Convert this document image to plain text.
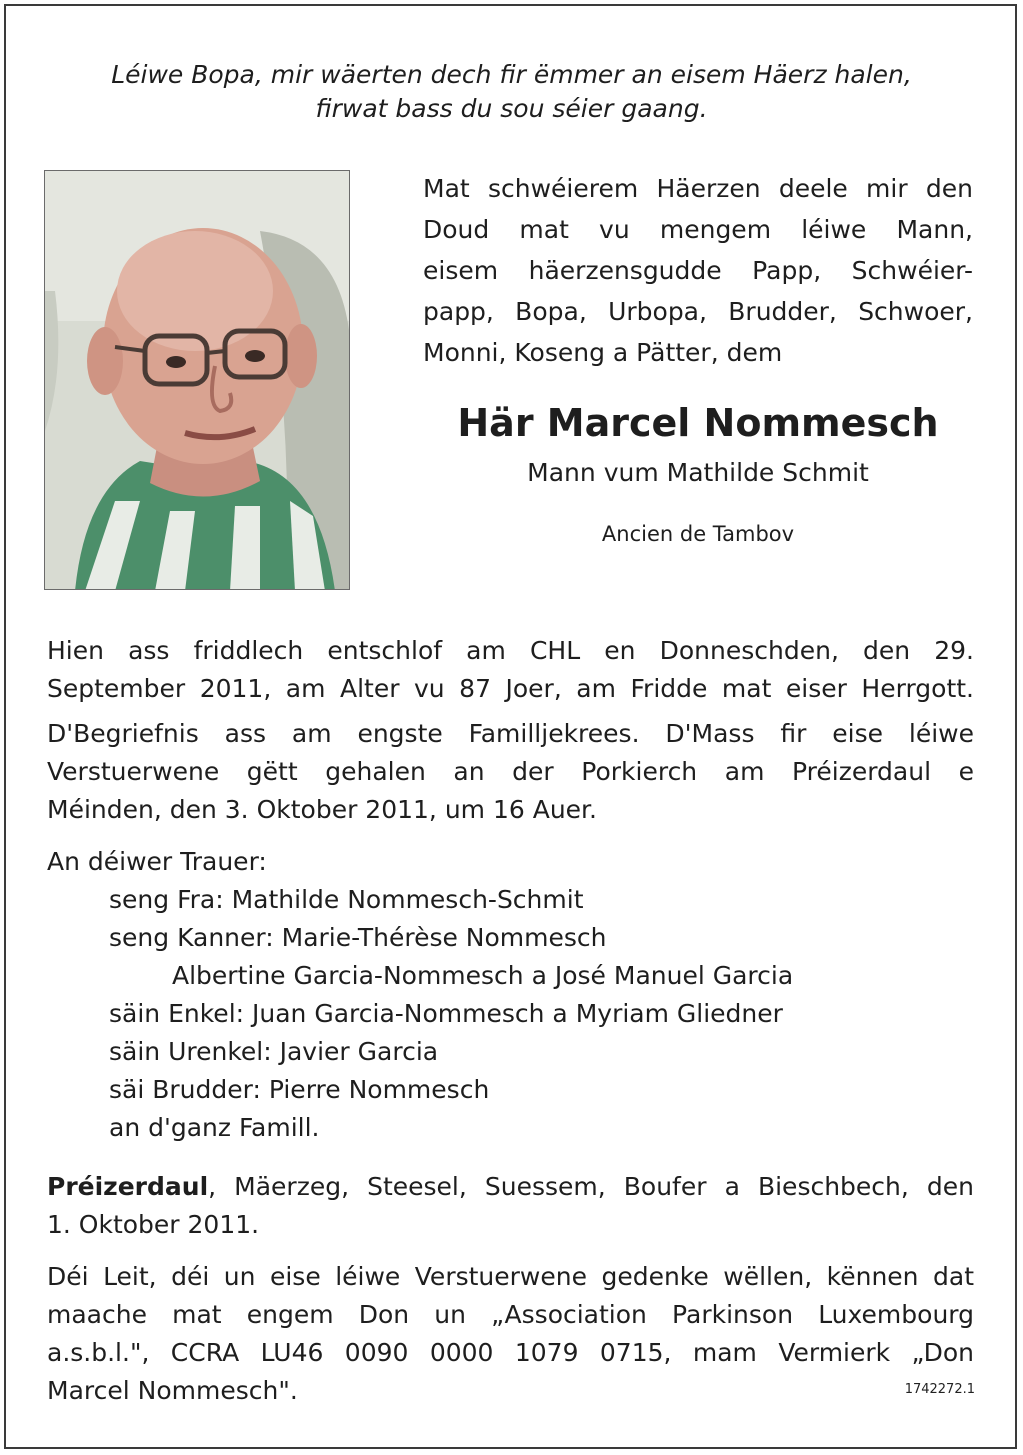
Léiwe Bopa, mir wäerten dech fir ëmmer an eisem Häerz halen,
firwat bass du sou séier gaang.
Mat schwéierem Häerzen deele mir den
Doud mat vu mengem léiwe Mann,
eisem häerzensgudde Papp, Schwéier-
papp, Bopa, Urbopa, Brudder, Schwoer,
Monni, Koseng a Pätter, dem
Här Marcel Nommesch
Mann vum Mathilde Schmit
Ancien de Tambov
Hien ass friddlech entschlof am CHL en Donneschden, den 29.
September 2011, am Alter vu 87 Joer, am Fridde mat eiser Herrgott.
D'Begriefnis ass am engste Familljekrees. D'Mass fir eise léiwe
Verstuerwene gëtt gehalen an der Porkierch am Préizerdaul e
Méinden, den 3. Oktober 2011, um 16 Auer.
An déiwer Trauer:
seng Fra: Mathilde Nommesch-Schmit
seng Kanner: Marie-Thérèse Nommesch
Albertine Garcia-Nommesch a José Manuel Garcia
säin Enkel: Juan Garcia-Nommesch a Myriam Gliedner
säin Urenkel: Javier Garcia
säi Brudder: Pierre Nommesch
an d'ganz Famill.
Préizerdaul, Mäerzeg, Steesel, Suessem, Boufer a Bieschbech, den
1. Oktober 2011.
Déi Leit, déi un eise léiwe Verstuerwene gedenke wëllen, kënnen dat
maache mat engem Don un „Association Parkinson Luxembourg
a.s.b.l.", CCRA LU46 0090 0000 1079 0715, mam Vermierk „Don
Marcel Nommesch".	1742272.1
